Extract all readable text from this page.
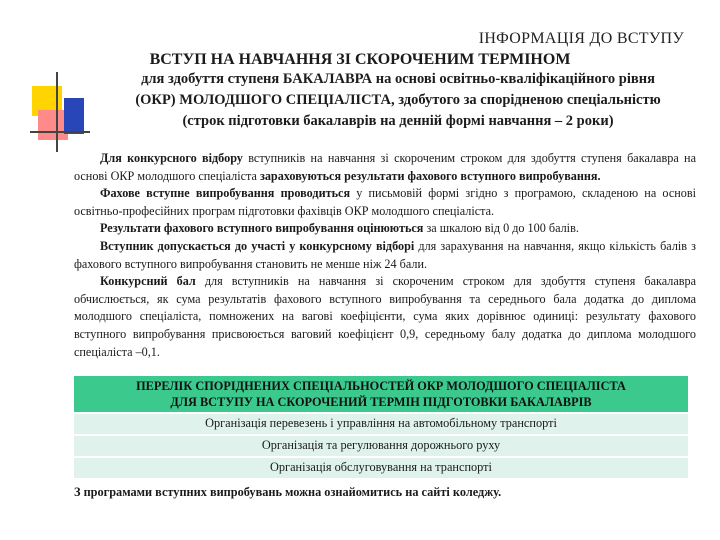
ІНФОРМАЦІЯ ДО ВСТУПУ
ВСТУП НА НАВЧАННЯ ЗІ СКОРОЧЕНИМ ТЕРМІНОМ
для здобуття ступеня БАКАЛАВРА на основі освітньо-кваліфікаційного рівня
(ОКР) МОЛОДШОГО СПЕЦІАЛІСТА, здобутого за спорідненою спеціальністю
(строк підготовки бакалаврів на денній формі навчання – 2 роки)

Для конкурсного відбору вступників на навчання зі скороченим строком для здобуття ступеня бакалавра на основі ОКР молодшого спеціаліста зараховуються результати фахового вступного випробування.

Фахове вступне випробування проводиться у письмовій формі згідно з програмою, складеною на основі освітньо-професійних програм підготовки фахівців ОКР молодшого спеціаліста.

Результати фахового вступного випробування оцінюються за шкалою від 0 до 100 балів.

Вступник допускається до участі у конкурсному відборі для зарахування на навчання, якщо кількість балів з фахового вступного випробування становить не менше ніж 24 бали.

Конкурсний бал для вступників на навчання зі скороченим строком для здобуття ступеня бакалавра обчислюється, як сума результатів фахового вступного випробування та середнього бала додатка до диплома молодшого спеціаліста, помножених на вагові коефіцієнти, сума яких дорівнює одиниці: результату фахового вступного випробування присвоюється ваговий коефіцієнт 0,9, середньому балу додатка до диплома молодшого спеціаліста –0,1.

ПЕРЕЛІК СПОРІДНЕНИХ СПЕЦІАЛЬНОСТЕЙ ОКР МОЛОДШОГО СПЕЦІАЛІСТА
ДЛЯ ВСТУПУ НА СКОРОЧЕНИЙ ТЕРМІН ПІДГОТОВКИ БАКАЛАВРІВ
Організація перевезень і управління на автомобільному транспорті
Організація та регулювання дорожнього руху
Організація обслуговування на транспорті
З програмами вступних випробувань можна ознайомитись на сайті коледжу.
